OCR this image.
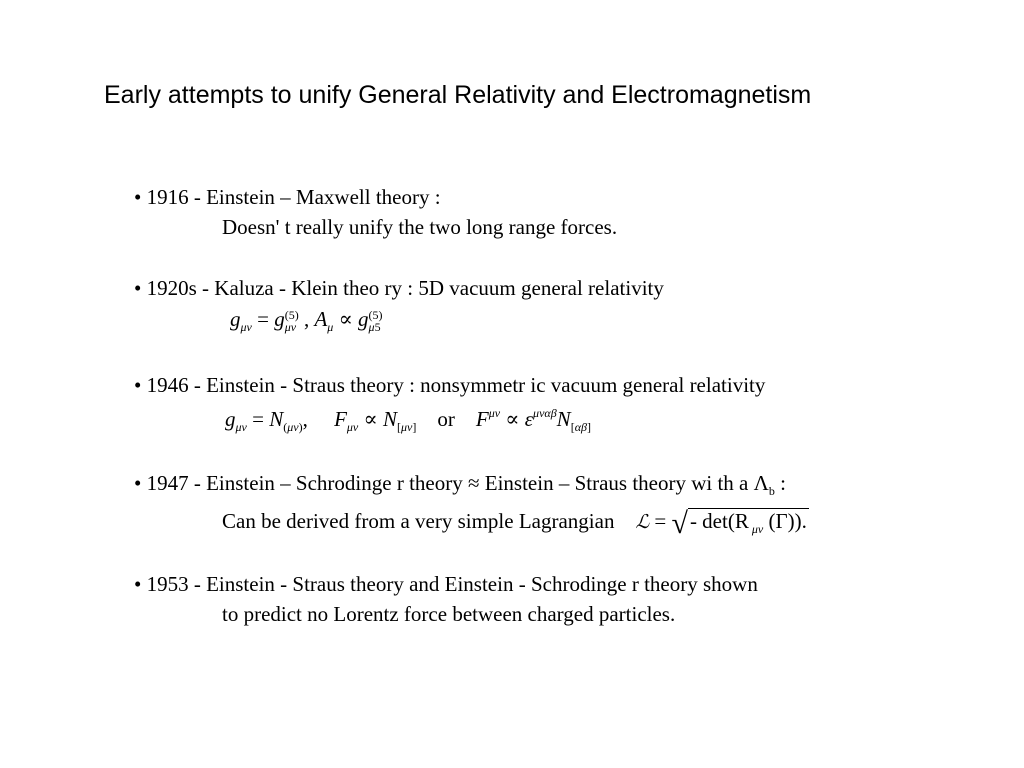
Early attempts to unify General Relativity and Electromagnetism
• 1916 - Einstein – Maxwell theory :
Doesn' t really unify the two long range forces.
• 1920s - Kaluza - Klein theo ry : 5D vacuum general relativity
$g_{\mu\nu} = g$ (5)
μν , $A_\mu \propto g$ (5)
μ5
• 1946 - Einstein - Straus theory : nonsymmetr ic vacuum general relativity
$g_{\mu\nu} = N_{(\mu\nu)}$, $F_{\mu\nu} \propto N_{[\mu\nu]}$ or $F^{\mu\nu} \propto \varepsilon^{\mu\nu\alpha\beta}N_{[\alpha\beta]}$
• 1947 - Einstein – Schrodinge r theory ≈ Einstein – Straus theory wi th a $\Lambda_b$ :
Can be derived from a very simple Lagrangian ℒ = √- det(R $_{\mu\nu}$ (Γ)).
• 1953 - Einstein - Straus theory and Einstein - Schrodinge r theory shown
to predict no Lorentz force between charged particles.
